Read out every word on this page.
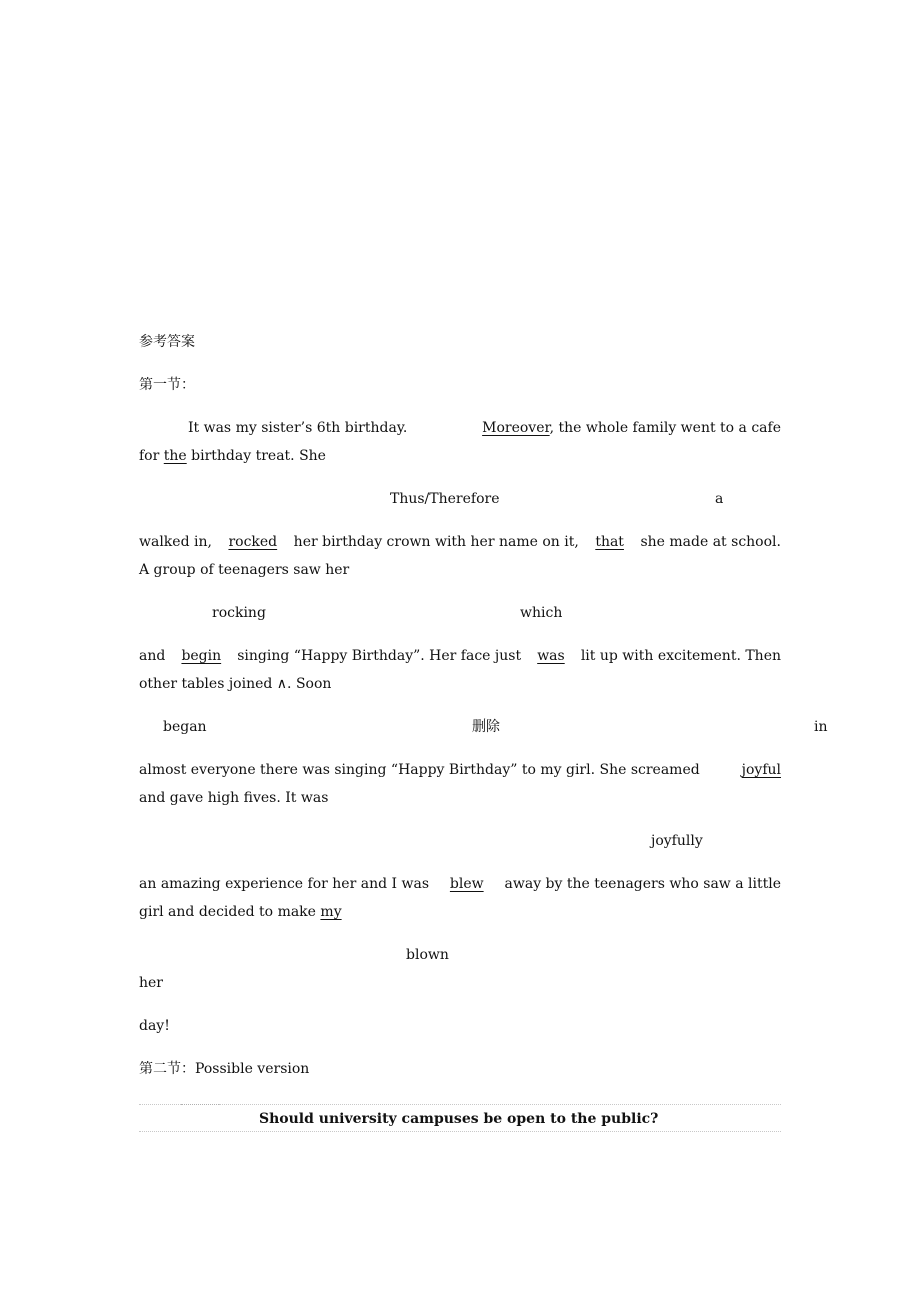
参考答案
第一节：
It was my sister’s 6th birthday.	Moreover, the whole family went to a cafe
for the birthday treat. She
Thus/Therefore	a
walked in, rocked her birthday crown with her name on it, that she made at school.
A group of teenagers saw her
rocking	which
and begin singing “Happy Birthday”. Her face just was lit up with excitement. Then
other tables joined ∧. Soon
began	删除	in
almost everyone there was singing “Happy Birthday” to my girl. She screamed	joyful
and gave high fives. It was
joyfully
an amazing experience for her and I was blew away by the teenagers who saw a little
girl and decided to make my
blown
her
day!
第二节：Possible version
Should university campuses be open to the public?
